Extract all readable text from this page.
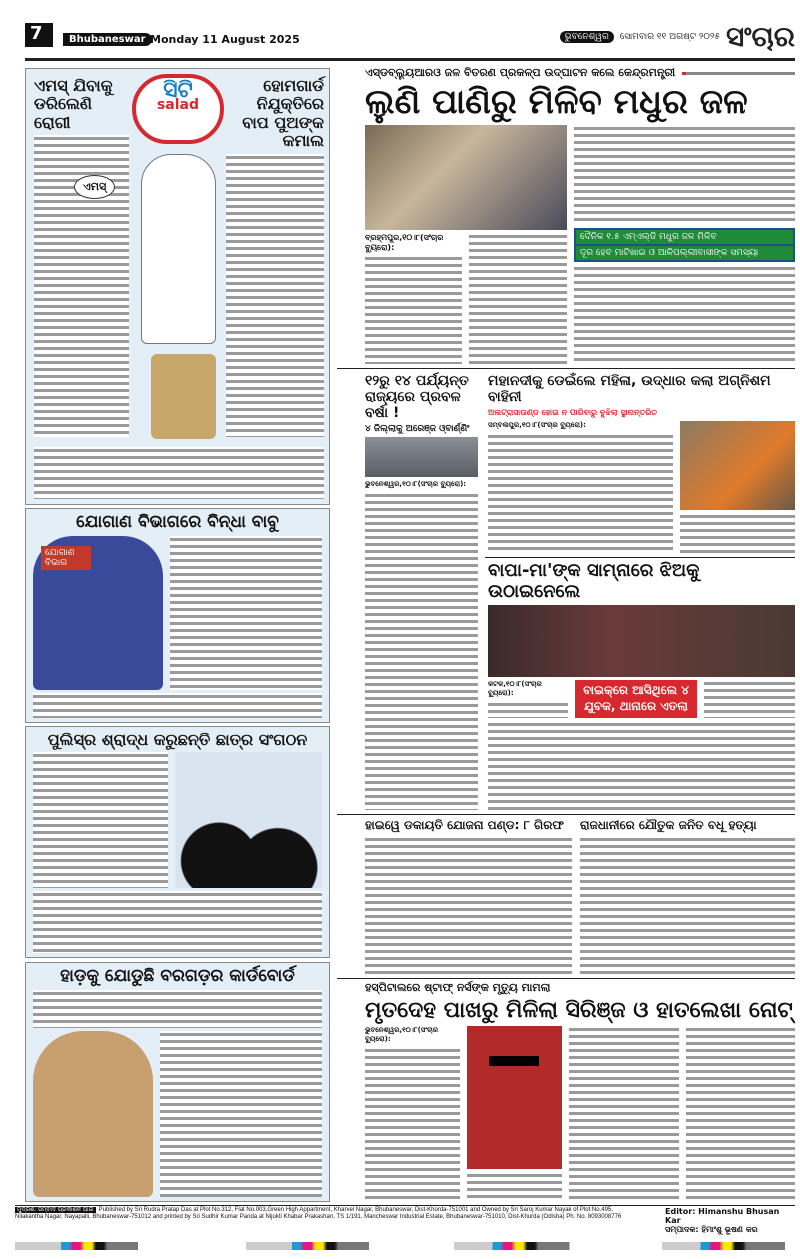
7	Bhubaneswar Monday 11 August 2025	ଭୁବନେଶ୍ୱର	ସୋମବାର ୧୧ ଅଗଷ୍ଟ ୨୦୨୫ ସଂଚାର
ଏମସ୍ ଯିବାକୁ ଡରିଲେଣି ରୋଗୀ
ଏମସ୍
ହୋମଗାର୍ଡ ନିଯୁକ୍ତିରେ ବାପ ପୁଅଙ୍କ କମାଲ
ସିଟି
salad
ଯୋଗାଣ ବିଭାଗରେ ବିନ୍ଧା ବାବୁ
ଯୋଗାଣ ବିଭାଗ
ପୁଲିସ୍‌ର ଶ୍ରାଦ୍ଧ କରୁଛନ୍ତି ଛାତ୍ର ସଂଗଠନ
ହାଡ଼କୁ ଯୋଡୁଛି ବରଗଡ଼ର କାର୍ଡବୋର୍ଡ
ଏସ୍‌ଡବ୍ଲ୍ୟୁଆରଓ ଜଳ ବିତରଣ ପ୍ରକଳ୍ପ ଉଦ୍‌ଘାଟନ କଲେ କେନ୍ଦ୍ରମନ୍ତ୍ରୀ
ଲୁଣି ପାଣିରୁ ମିଳିବ ମଧୁର ଜଳ
ବ୍ରହ୍ମପୁର,୧୦।୮(ସଂଚାର ବ୍ୟୁରୋ):
ଦୈନିକ ୧.୫ ଏମ୍‌ଏଲ୍‌ଡି ମଧୁର ଜଳ ମିଳିବ
ଦୂର ହେବ ମାଟିଖାଇ ଓ ଆଳିପଲ୍ଲୀବାସୀଙ୍କ ସମସ୍ୟା
୧୨ରୁ ୧୪ ପର୍ଯ୍ୟନ୍ତ ରାଜ୍ୟରେ ପ୍ରବଳ ବର୍ଷା !
୪ ଜିଲ୍ଲାକୁ ଅରେଞ୍ଜ ଓ୍ବାର୍ଣ୍ଣିଂ
ଭୁବନେଶ୍ୱର,୧୦।୮(ସଂଚାର ବ୍ୟୁରୋ):
ମହାନଦୀକୁ ଡେଇଁଲେ ମହିଳା, ଉଦ୍ଧାର କଲା ଅଗ୍ନିଶମ ବାହିନୀ
ଅଲଟ୍ରାସାଉଣ୍ଡ ହୋଇ ନ ପାରିବାରୁ ବୁଝିଲା ସ୍ଥାନାନ୍ତରିତ
ସମ୍ବଲପୁର,୧୦।୮(ସଂଚାର ବ୍ୟୁରୋ):
ବାପା-ମା'ଙ୍କ ସାମ୍ନାରେ ଝିଅକୁ ଉଠାଇନେଲେ
କଟକ,୧୦।୮(ସଂଚାର ବ୍ୟୁରୋ):	ବାଇକ୍‌ରେ ଆସିଥିଲେ ୪ ଯୁବକ, ଥାନାରେ ଏତଲା
ହାଇୱେ ଡକାୟତି ଯୋଜନା ପଣ୍ଡ: ୮ ଗିରଫ	ରାଜଧାନୀରେ ଯୌତୁକ ଜନିତ ବଧୂ ହତ୍ୟା
ହସ୍ପିଟାଲରେ ଷ୍ଟାଫ୍ ନର୍ସଙ୍କ ମୃତ୍ୟୁ ମାମଲା
ମୃତଦେହ ପାଖରୁ ମିଳିଲା ସିରିଞ୍ଜ ଓ ହାତଲେଖା ନୋଟ୍
ଭୁବନେଶ୍ୱର,୧୦।୮(ସଂଚାର ବ୍ୟୁରୋ):
ମୁଦ୍ରଣ: ସମ୍ବାଦ ପ୍ରକାଶନ ପାଇଁ Published by Sri Rudra Pratap Das at Plot No.312, Flat No.003,Green High Appartment, Kharvel Nagar, Bhubaneswar, Dist-Khorda-751001 and Owned by Sri Saroj Kumar Nayak of Plot No.495,
Nilakantha Nagar, Nayapalli, Bhubaneswar-751012 and printed by Sri Sudhir Kumar Panda at Nijukti Khabar Prakashan, TS 1/191, Mancheswar Industrial Estate, Bhubaneswar-751010, Dist-Khurda (Odisha) Ph. No. 8093008776
Editor: Himanshu Bhusan Kar
ସମ୍ପାଦକ: ହିମାଂଶୁ ଭୂଷଣ କର
